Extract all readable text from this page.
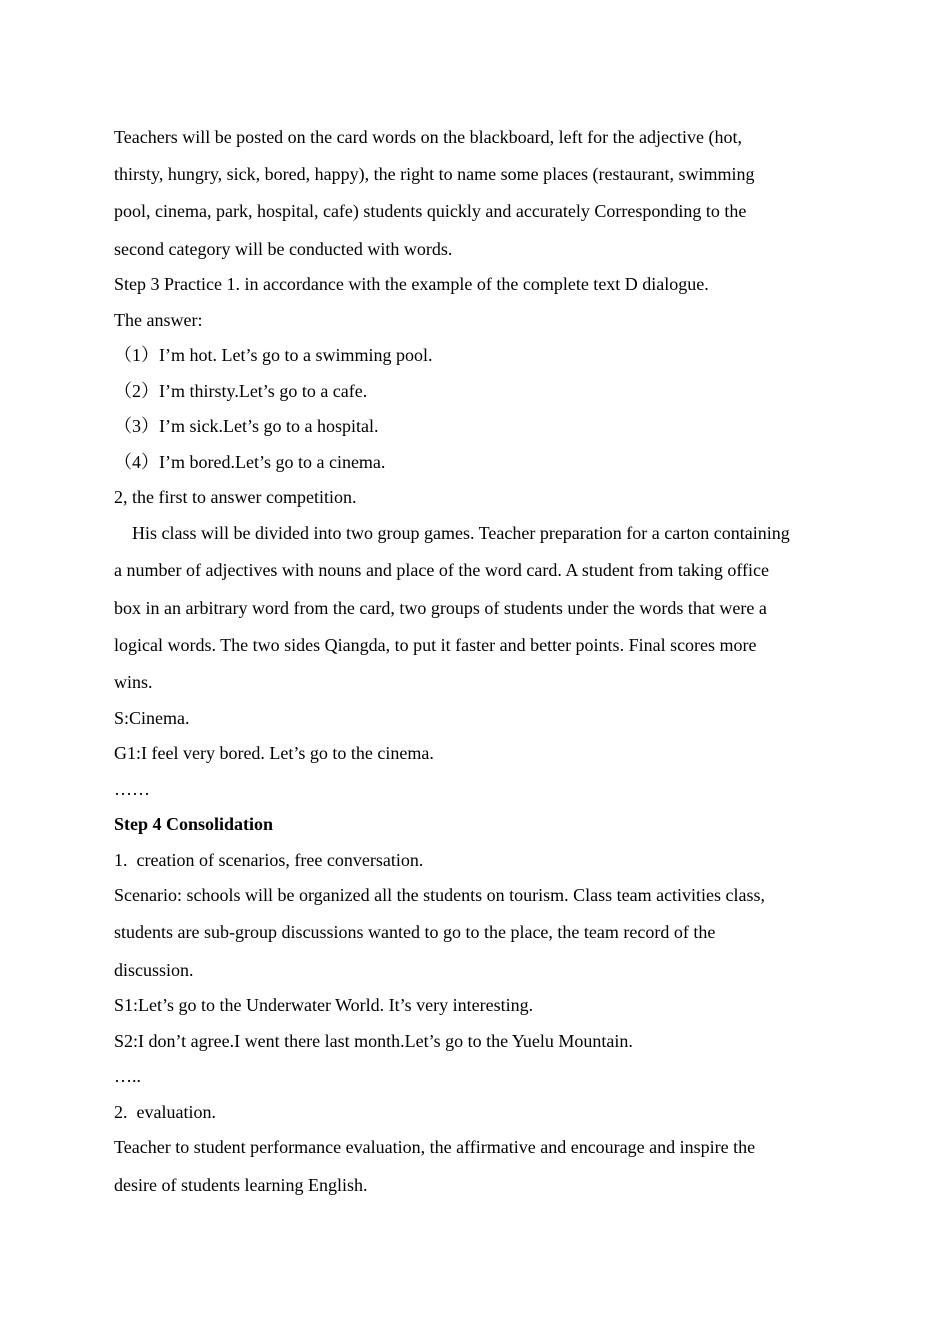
Teachers will be posted on the card words on the blackboard, left for the adjective (hot,
thirsty, hungry, sick, bored, happy), the right to name some places (restaurant, swimming
pool, cinema, park, hospital, cafe) students quickly and accurately Corresponding to the
second category will be conducted with words.
Step 3 Practice 1. in accordance with the example of the complete text D dialogue.
The answer:
（1）I’m hot. Let’s go to a swimming pool.
（2）I’m thirsty.Let’s go to a cafe.
（3）I’m sick.Let’s go to a hospital.
（4）I’m bored.Let’s go to a cinema.
2, the first to answer competition.
His class will be divided into two group games. Teacher preparation for a carton containing
a number of adjectives with nouns and place of the word card. A student from taking office
box in an arbitrary word from the card, two groups of students under the words that were a
logical words. The two sides Qiangda, to put it faster and better points. Final scores more
wins.
S:Cinema.
G1:I feel very bored. Let’s go to the cinema.
……
Step 4 Consolidation
1.  creation of scenarios, free conversation.
Scenario: schools will be organized all the students on tourism. Class team activities class,
students are sub-group discussions wanted to go to the place, the team record of the
discussion.
S1:Let’s go to the Underwater World. It’s very interesting.
S2:I don’t agree.I went there last month.Let’s go to the Yuelu Mountain.
…..
2.  evaluation.
Teacher to student performance evaluation, the affirmative and encourage and inspire the
desire of students learning English.
